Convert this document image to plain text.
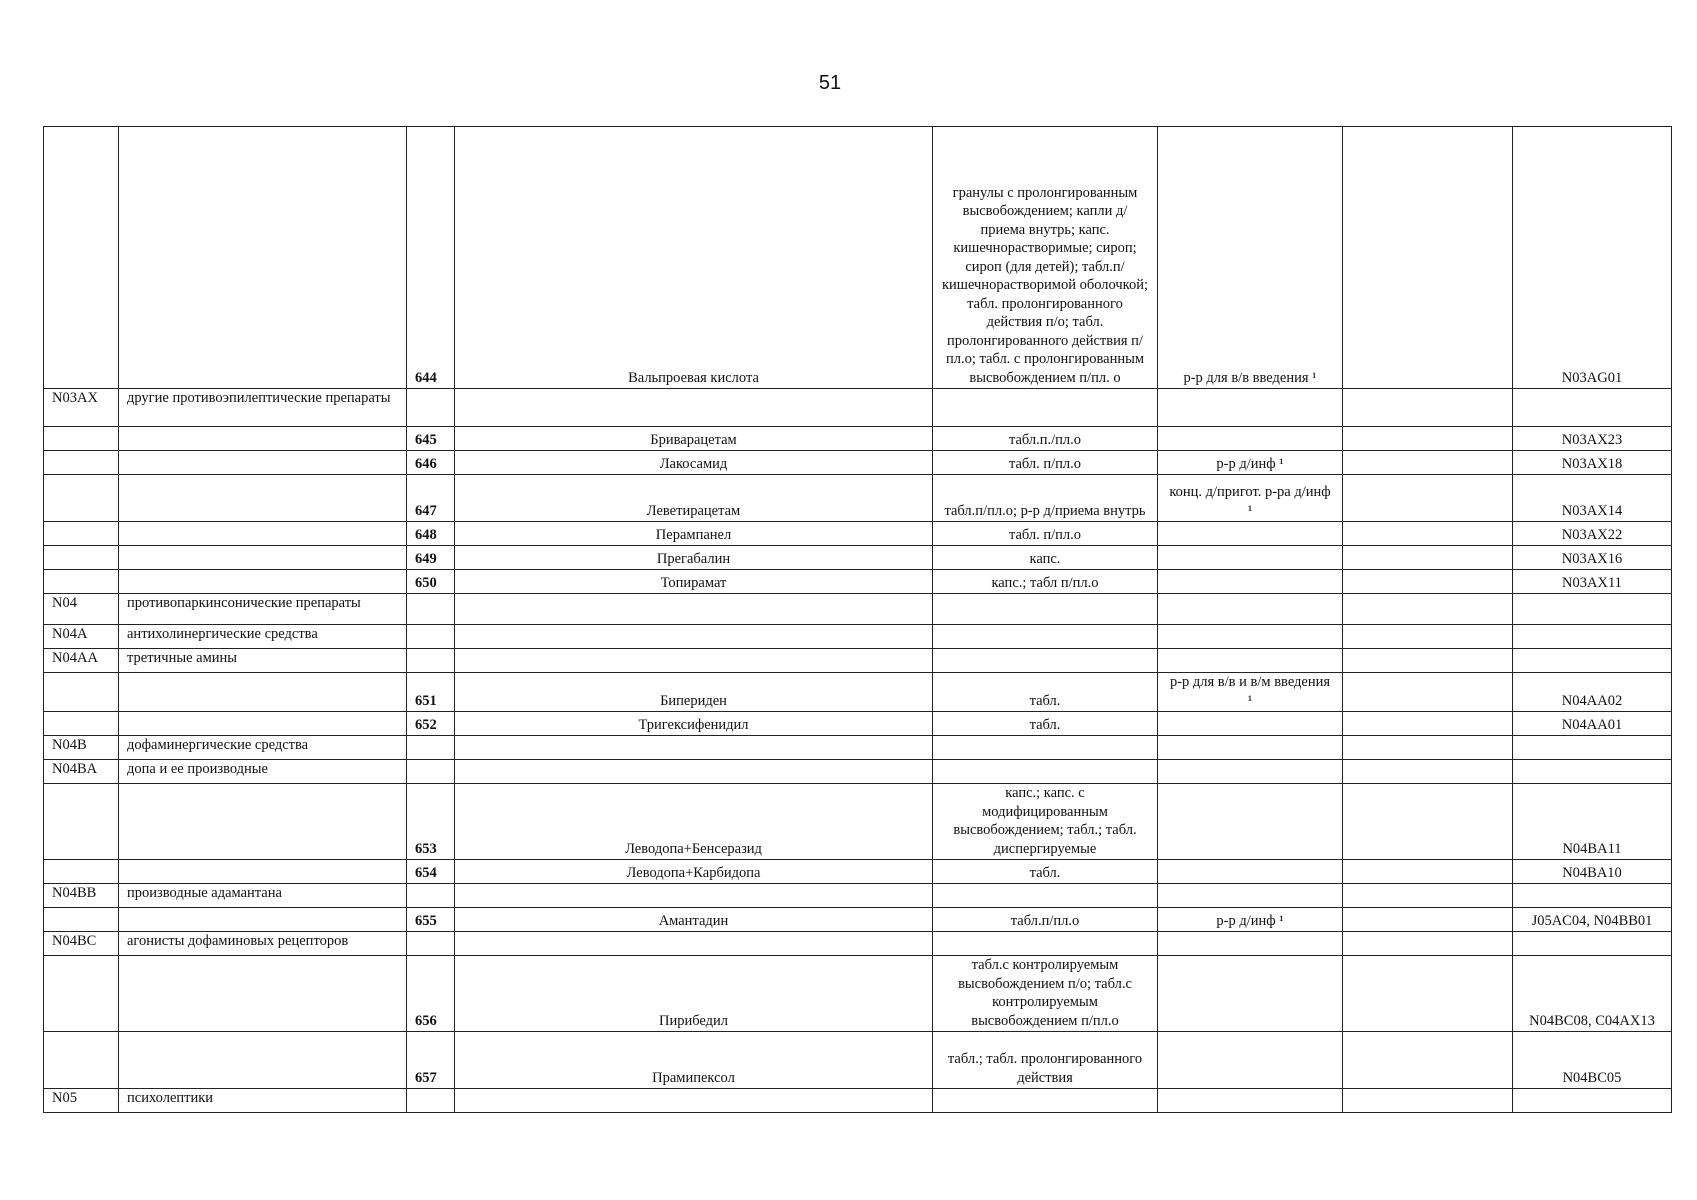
51
		644	Вальпроевая кислота	гранулы с пролонгированным высвобождением; капли д/приема внутрь; капс. кишечнорастворимые; сироп; сироп (для детей); табл.п/кишечнорастворимой оболочкой; табл. пролонгированного действия п/о; табл. пролонгированного действия п/пл.о; табл. с пролонгированным высвобождением п/пл. о	р-р для в/в введения ¹		N03AG01
N03AX	другие противоэпилептические препараты						
		645	Бриварацетам	табл.п./пл.о			N03AX23
		646	Лакосамид	табл. п/пл.о	р-р д/инф ¹		N03AX18
		647	Леветирацетам	табл.п/пл.о; р-р д/приема внутрь	конц. д/пригот. р-ра д/инф ¹		N03AX14
		648	Перампанел	табл. п/пл.о			N03AX22
		649	Прегабалин	капс.			N03AX16
		650	Топирамат	капс.; табл п/пл.о			N03AX11
N04	противопаркинсонические препараты						
N04A	антихолинергические средства						
N04AA	третичные амины						
		651	Бипериден	табл.	р-р для в/в и в/м введения ¹		N04AA02
		652	Тригексифенидил	табл.			N04AA01
N04B	дофаминергические средства						
N04BA	допа и ее производные						
		653	Леводопа+Бенсеразид	капс.; капс. с модифицированным высвобождением; табл.; табл. диспергируемые			N04BA11
		654	Леводопа+Карбидопа	табл.			N04BA10
N04BB	производные адамантана						
		655	Амантадин	табл.п/пл.о	р-р д/инф ¹		J05AC04, N04BB01
N04BC	агонисты дофаминовых рецепторов						
		656	Пирибедил	табл.с контролируемым высвобождением п/о; табл.с контролируемым высвобождением п/пл.о			N04BC08, C04AX13
		657	Прамипексол	табл.; табл. пролонгированного действия			N04BC05
N05	психолептики						
